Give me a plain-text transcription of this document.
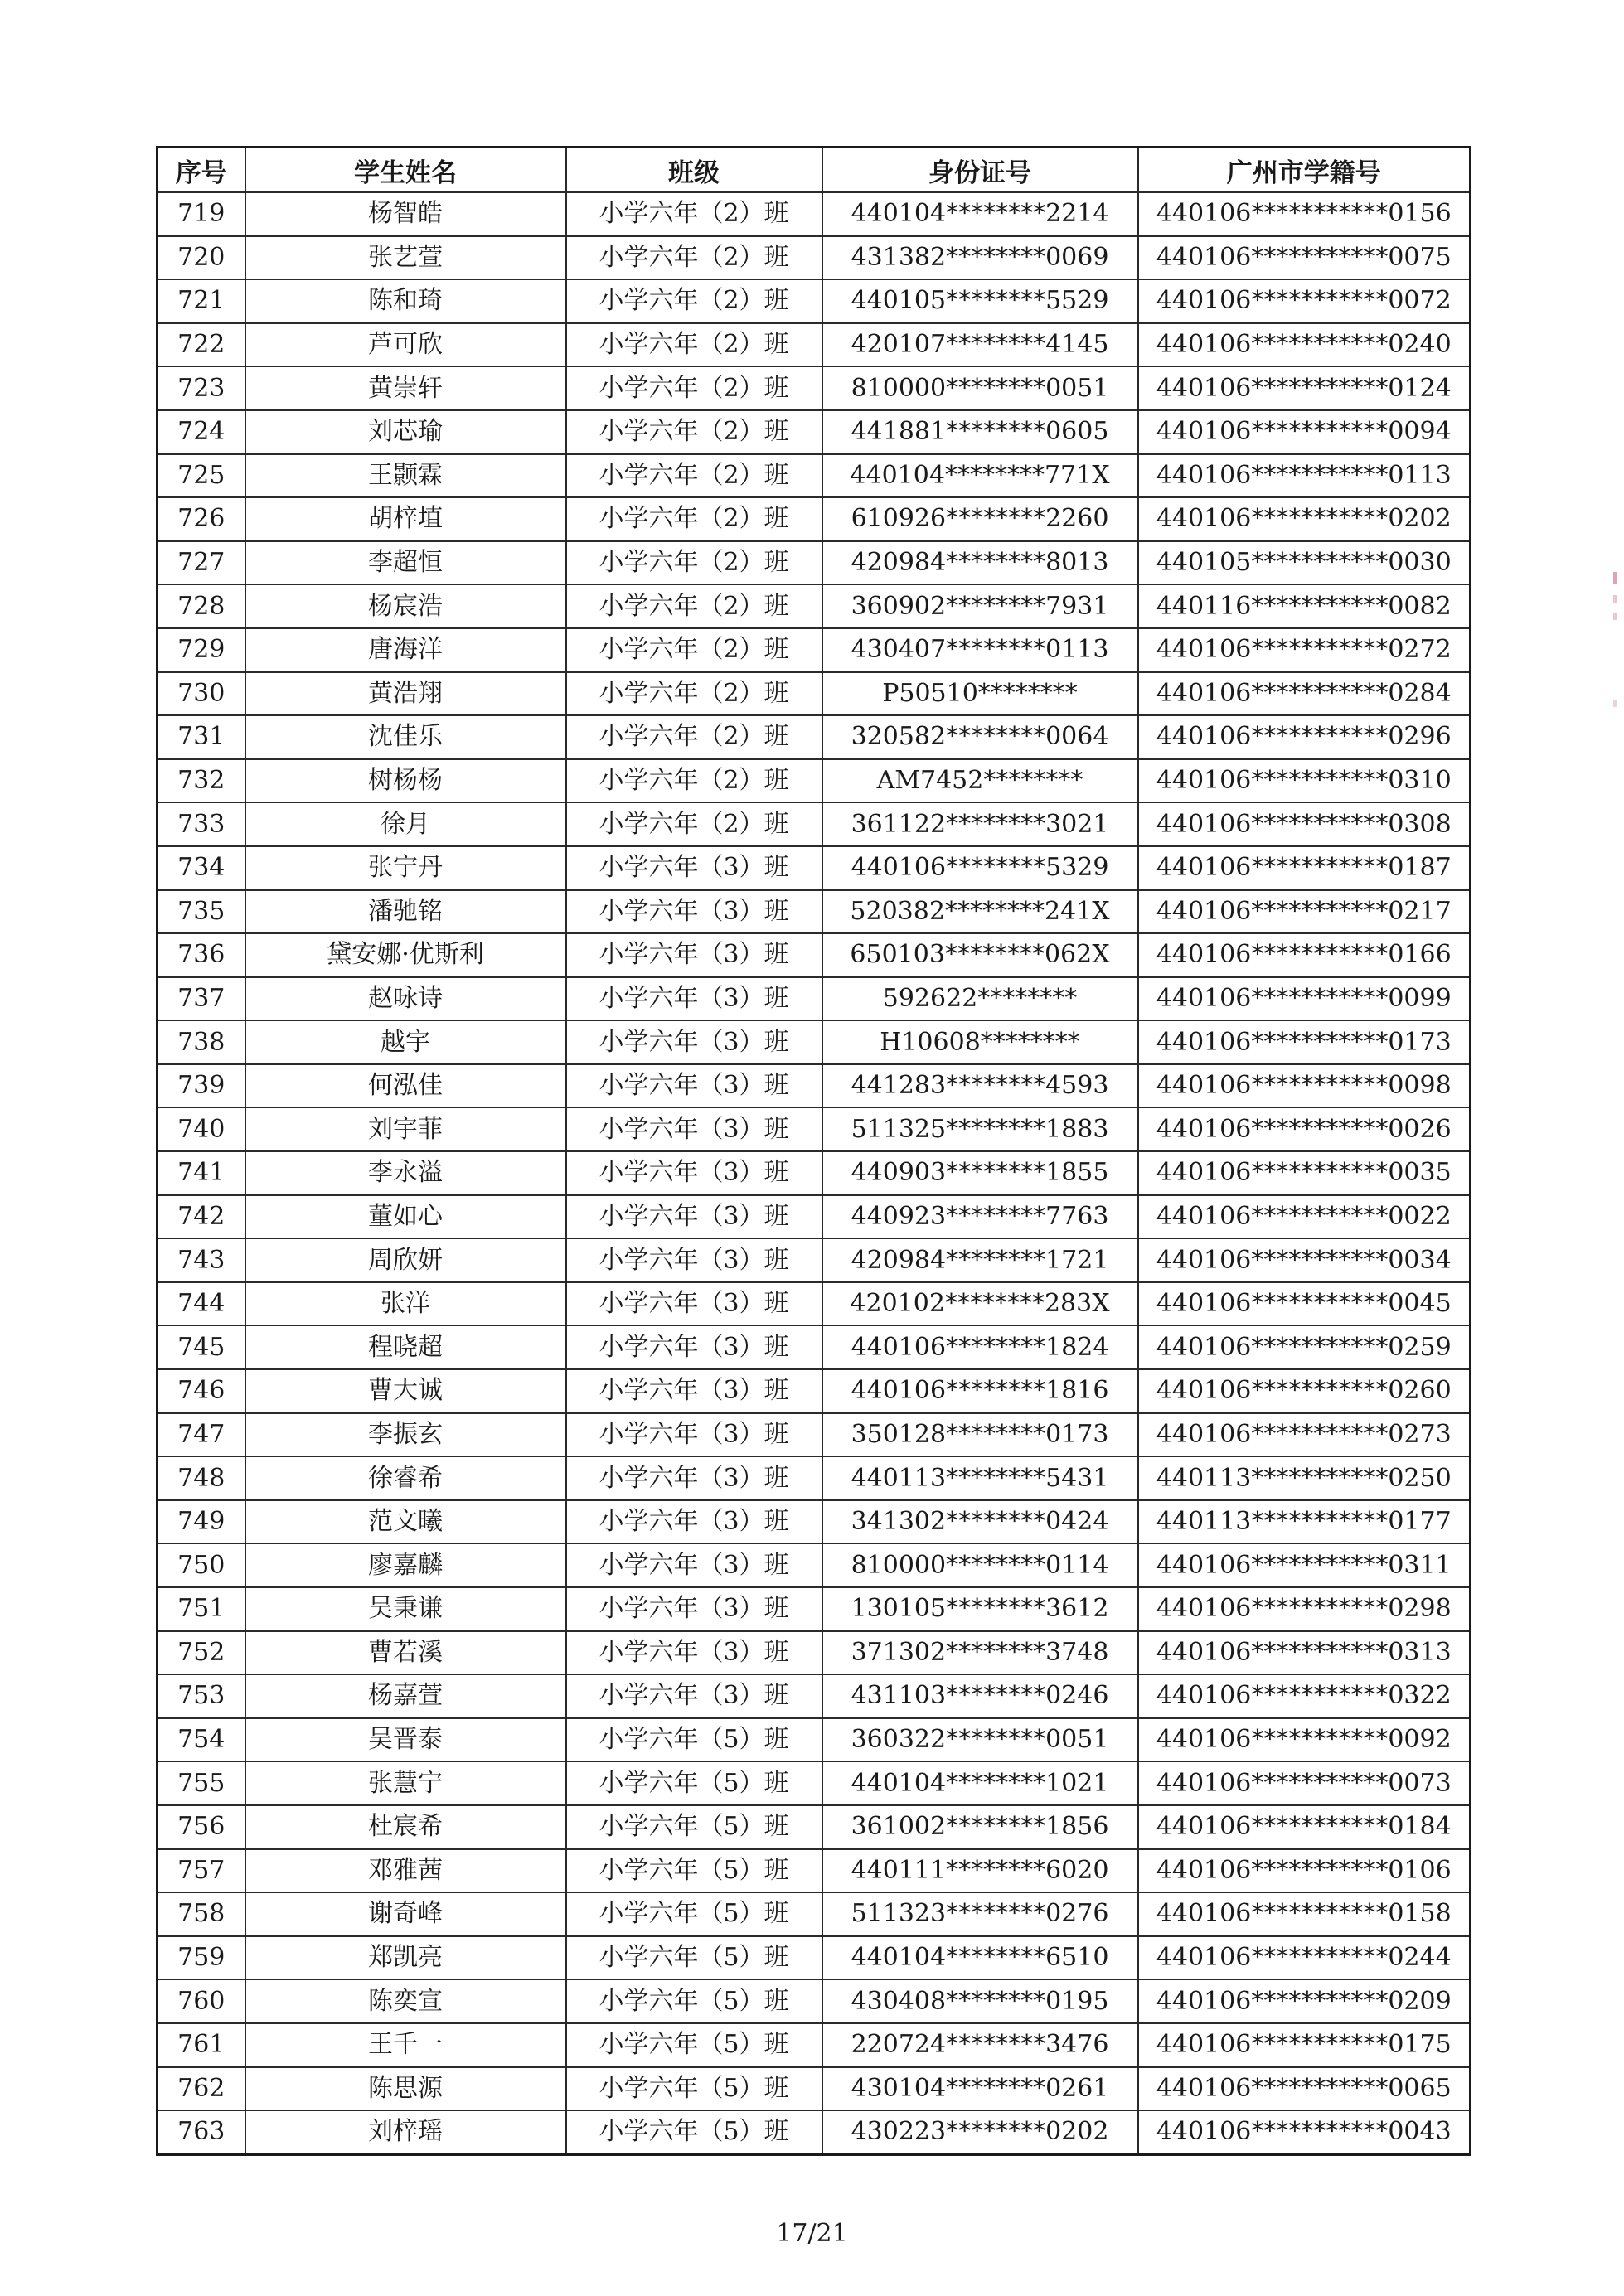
序号	学生姓名	班级	身份证号	广州市学籍号
719	杨智皓	小学六年（2）班	440104********2214	440106***********0156
720	张艺萱	小学六年（2）班	431382********0069	440106***********0075
721	陈和琦	小学六年（2）班	440105********5529	440106***********0072
722	芦可欣	小学六年（2）班	420107********4145	440106***********0240
723	黄崇轩	小学六年（2）班	810000********0051	440106***********0124
724	刘芯瑜	小学六年（2）班	441881********0605	440106***********0094
725	王颢霖	小学六年（2）班	440104********771X	440106***********0113
726	胡梓埴	小学六年（2）班	610926********2260	440106***********0202
727	李超恒	小学六年（2）班	420984********8013	440105***********0030
728	杨宸浩	小学六年（2）班	360902********7931	440116***********0082
729	唐海洋	小学六年（2）班	430407********0113	440106***********0272
730	黄浩翔	小学六年（2）班	P50510********	440106***********0284
731	沈佳乐	小学六年（2）班	320582********0064	440106***********0296
732	树杨杨	小学六年（2）班	AM7452********	440106***********0310
733	徐月	小学六年（2）班	361122********3021	440106***********0308
734	张宁丹	小学六年（3）班	440106********5329	440106***********0187
735	潘驰铭	小学六年（3）班	520382********241X	440106***********0217
736	黛安娜·优斯利	小学六年（3）班	650103********062X	440106***********0166
737	赵咏诗	小学六年（3）班	592622********	440106***********0099
738	越宇	小学六年（3）班	H10608********	440106***********0173
739	何泓佳	小学六年（3）班	441283********4593	440106***********0098
740	刘宇菲	小学六年（3）班	511325********1883	440106***********0026
741	李永溢	小学六年（3）班	440903********1855	440106***********0035
742	董如心	小学六年（3）班	440923********7763	440106***********0022
743	周欣妍	小学六年（3）班	420984********1721	440106***********0034
744	张洋	小学六年（3）班	420102********283X	440106***********0045
745	程晓超	小学六年（3）班	440106********1824	440106***********0259
746	曹大诚	小学六年（3）班	440106********1816	440106***********0260
747	李振玄	小学六年（3）班	350128********0173	440106***********0273
748	徐睿希	小学六年（3）班	440113********5431	440113***********0250
749	范文曦	小学六年（3）班	341302********0424	440113***********0177
750	廖嘉麟	小学六年（3）班	810000********0114	440106***********0311
751	吴秉谦	小学六年（3）班	130105********3612	440106***********0298
752	曹若溪	小学六年（3）班	371302********3748	440106***********0313
753	杨嘉萱	小学六年（3）班	431103********0246	440106***********0322
754	吴晋泰	小学六年（5）班	360322********0051	440106***********0092
755	张慧宁	小学六年（5）班	440104********1021	440106***********0073
756	杜宸希	小学六年（5）班	361002********1856	440106***********0184
757	邓雅茜	小学六年（5）班	440111********6020	440106***********0106
758	谢奇峰	小学六年（5）班	511323********0276	440106***********0158
759	郑凯亮	小学六年（5）班	440104********6510	440106***********0244
760	陈奕宣	小学六年（5）班	430408********0195	440106***********0209
761	王千一	小学六年（5）班	220724********3476	440106***********0175
762	陈思源	小学六年（5）班	430104********0261	440106***********0065
763	刘梓瑶	小学六年（5）班	430223********0202	440106***********0043
17/21
